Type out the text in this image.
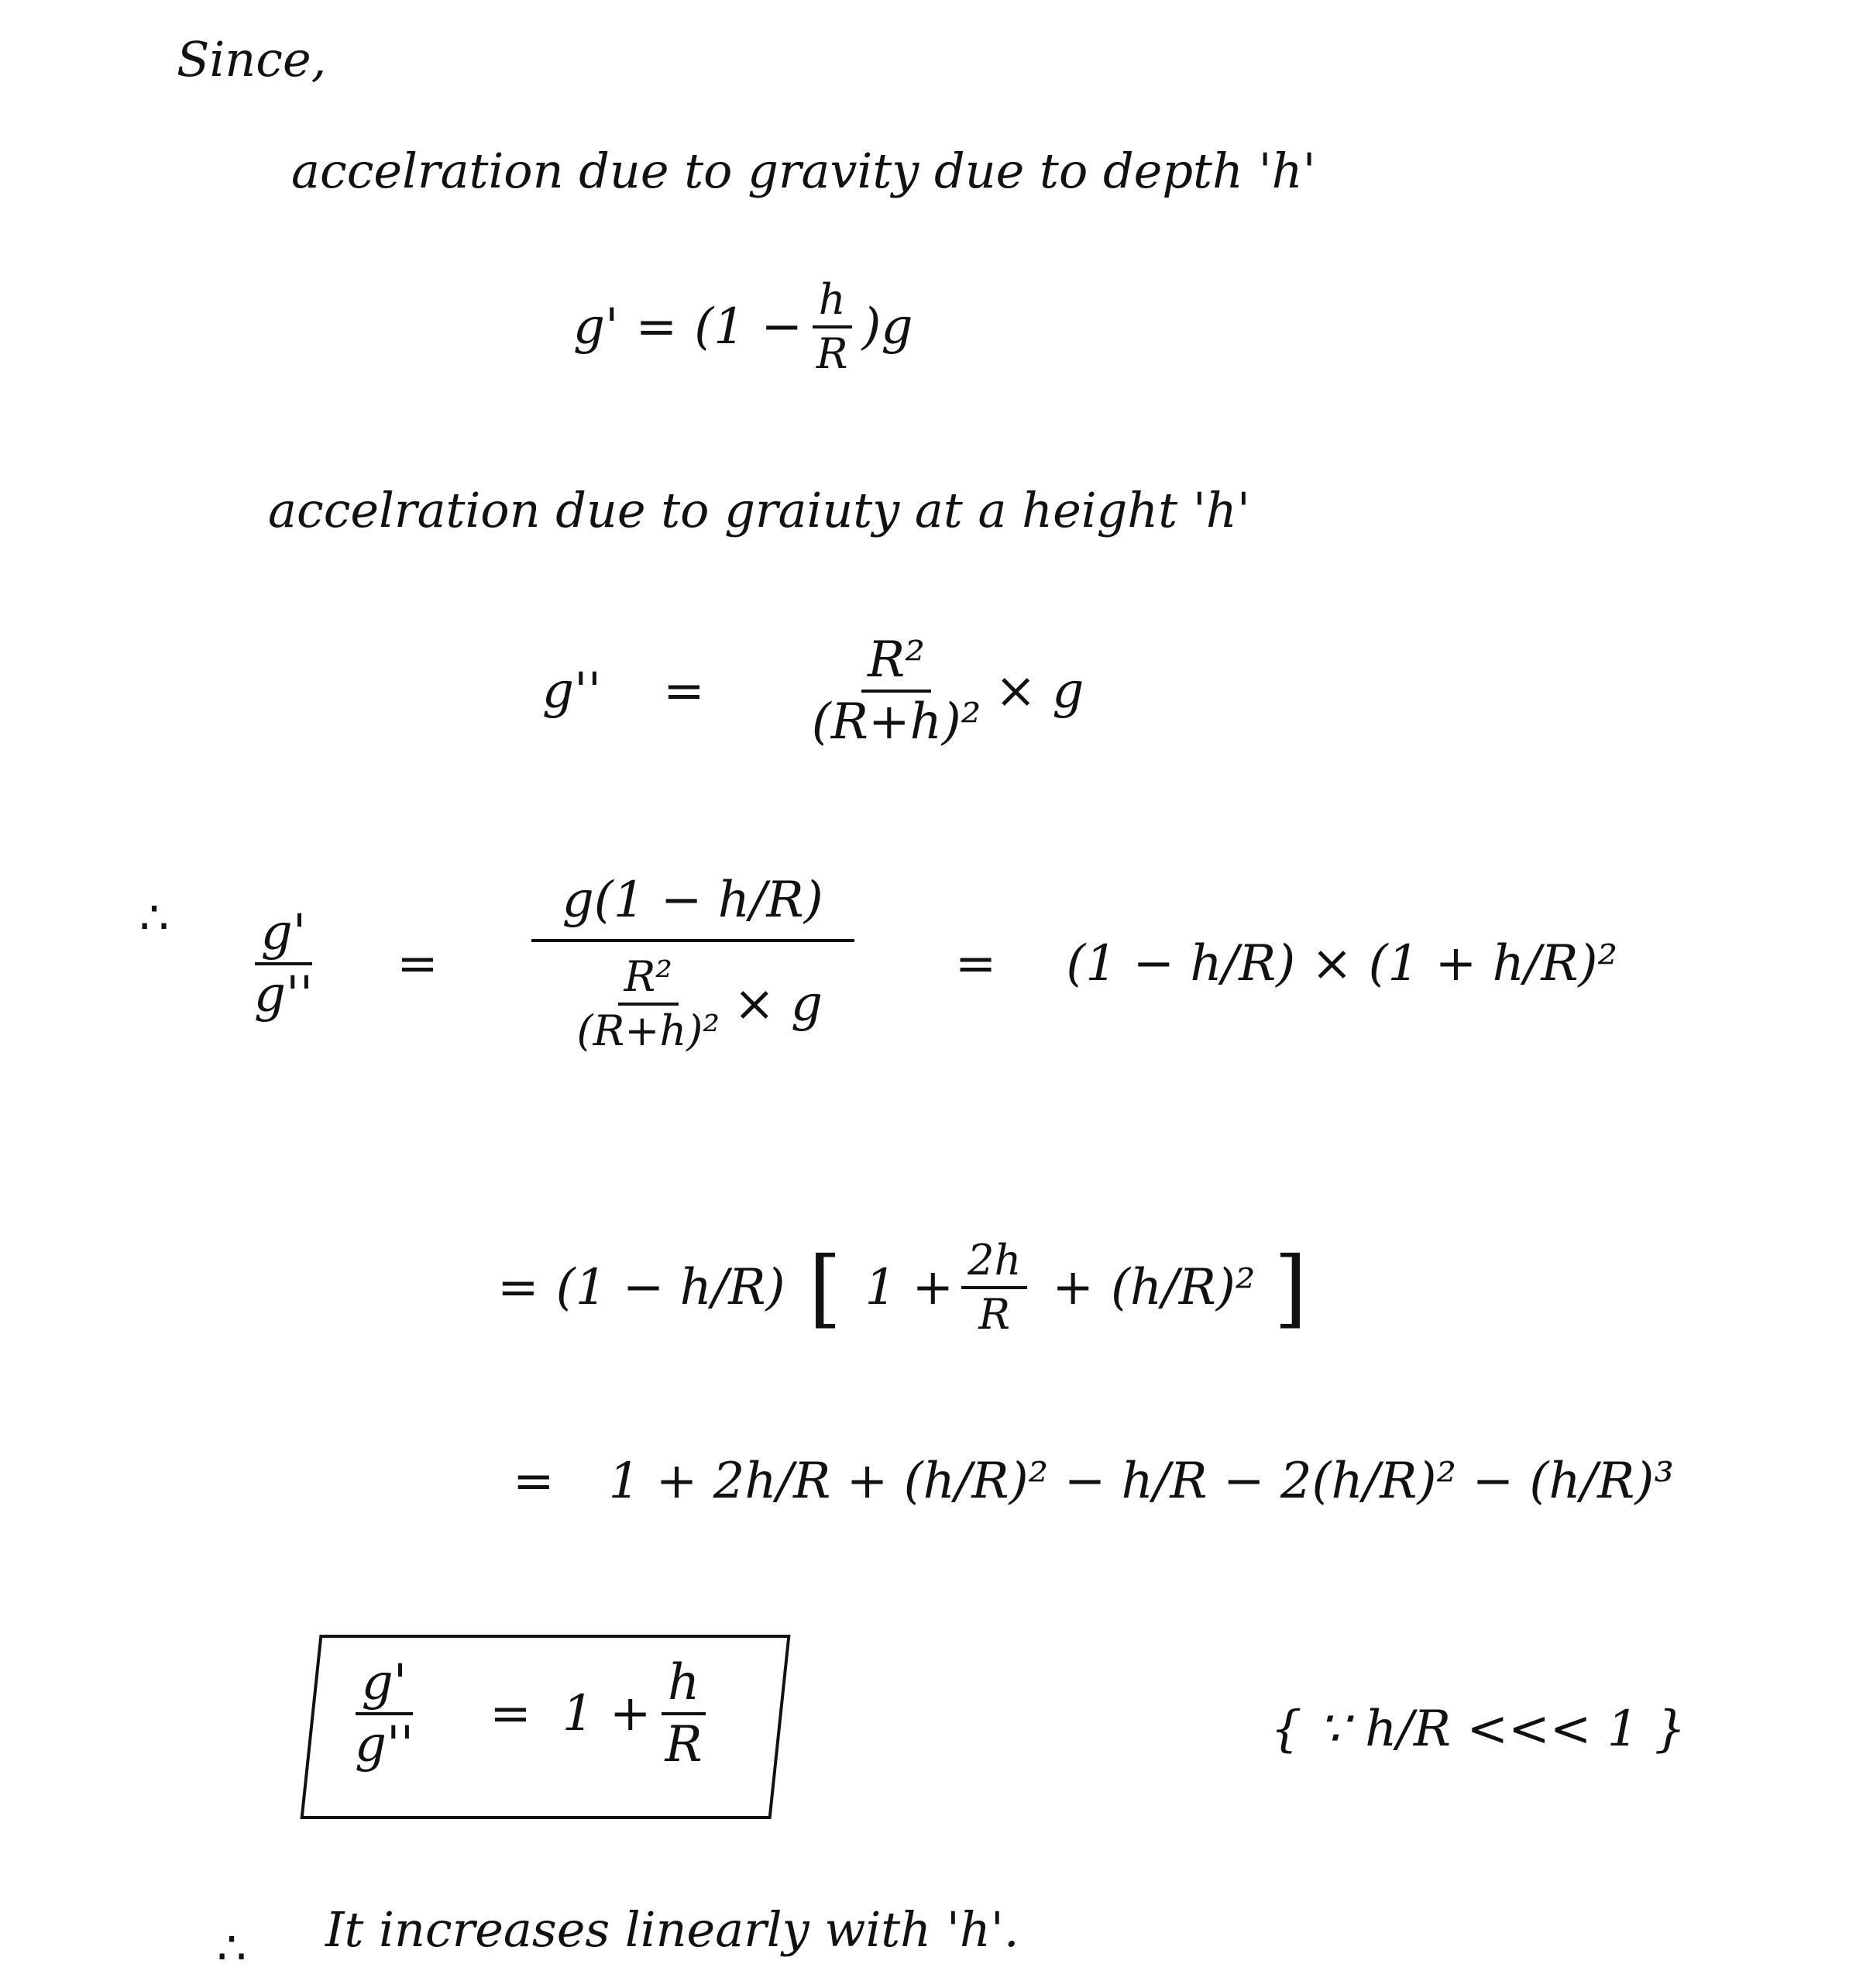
Since,
accelration due to gravity due to depth 'h'
$g' = (1 - \frac{h}{R} )g$
accelration due to graiuty at a height 'h'
$g'' = \frac{\text{R²}}{\text{(R+h)²}} \times g$
∴ $\frac{g'}{g''} = \frac{g(1 - h/R)}{\frac{\text{R²}}{\text{(R+h)²}} \times g} = (1 - h/R) \times (1 + h/R)^2$
= (1 − h/R) [ $1 + \frac{2h}{R} + (h/R)^2$ ]
= 1 + 2h/R + (h/R)² − h/R − 2(h/R)² − (h/R)³
$\frac{g'}{g''} = 1 + \frac{h}{R}$	{ ∵ h/R <<< 1 }
∴ It increases linearly with 'h'.
